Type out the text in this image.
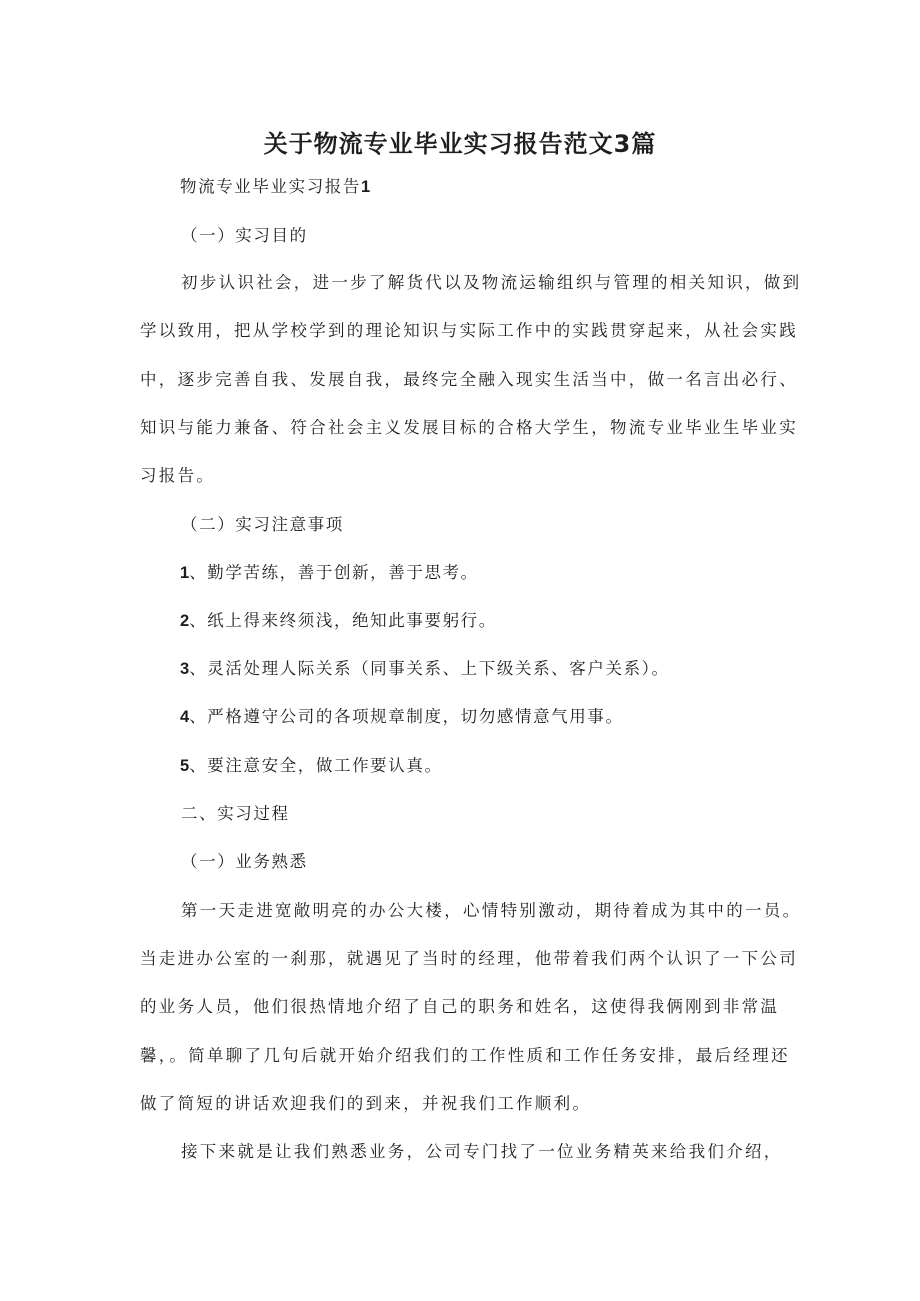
关于物流专业毕业实习报告范文3篇
物流专业毕业实习报告1
（一）实习目的
初步认识社会，进一步了解货代以及物流运输组织与管理的相关知识，做到
学以致用，把从学校学到的理论知识与实际工作中的实践贯穿起来，从社会实践
中，逐步完善自我、发展自我，最终完全融入现实生活当中，做一名言出必行、
知识与能力兼备、符合社会主义发展目标的合格大学生，物流专业毕业生毕业实
习报告。
（二）实习注意事项
1、勤学苦练，善于创新，善于思考。
2、纸上得来终须浅，绝知此事要躬行。
3、灵活处理人际关系（同事关系、上下级关系、客户关系）。
4、严格遵守公司的各项规章制度，切勿感情意气用事。
5、要注意安全，做工作要认真。
二、实习过程
（一）业务熟悉
第一天走进宽敞明亮的办公大楼，心情特别激动，期待着成为其中的一员。
当走进办公室的一刹那，就遇见了当时的经理，他带着我们两个认识了一下公司
的业务人员，他们很热情地介绍了自己的职务和姓名，这使得我俩刚到非常温
馨，。简单聊了几句后就开始介绍我们的工作性质和工作任务安排，最后经理还
做了简短的讲话欢迎我们的到来，并祝我们工作顺利。
接下来就是让我们熟悉业务，公司专门找了一位业务精英来给我们介绍，
